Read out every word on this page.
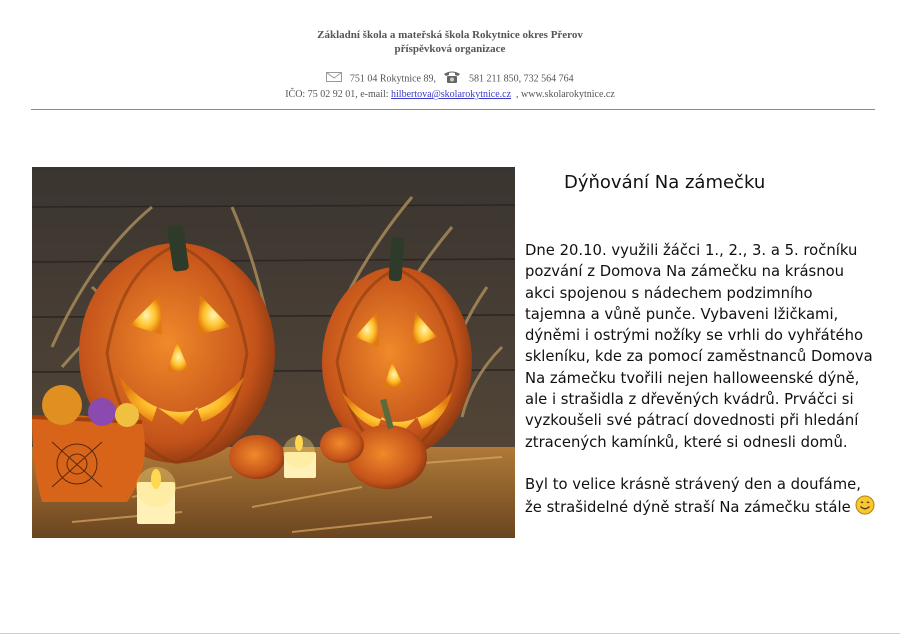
Základní škola a mateřská škola Rokytnice okres Přerov
příspěvková organizace
751 04 Rokytnice 89,	581 211 850, 732 564 764
IČO: 75 02 92 01, e-mail: hilbertova@skolarokytnice.cz , www.skolarokytnice.cz
Dýňování Na zámečku

Dne 20.10. využili žáčci 1., 2., 3. a 5. ročníku pozvání z Domova Na zámečku na krásnou akci spojenou s nádechem podzimního tajemna a vůně punče. Vybaveni lžičkami, dýněmi i ostrými nožíky se vrhli do vyhřátého skleníku, kde za pomocí zaměstnanců Domova Na zámečku tvořili nejen halloweenské dýně, ale i strašidla z dřevěných kvádrů. Prváčci si vyzkoušeli své pátrací dovednosti při hledání ztracených kamínků, které si odnesli domů.

Byl to velice krásně strávený den a doufáme, že strašidelné dýně straší Na zámečku stále
